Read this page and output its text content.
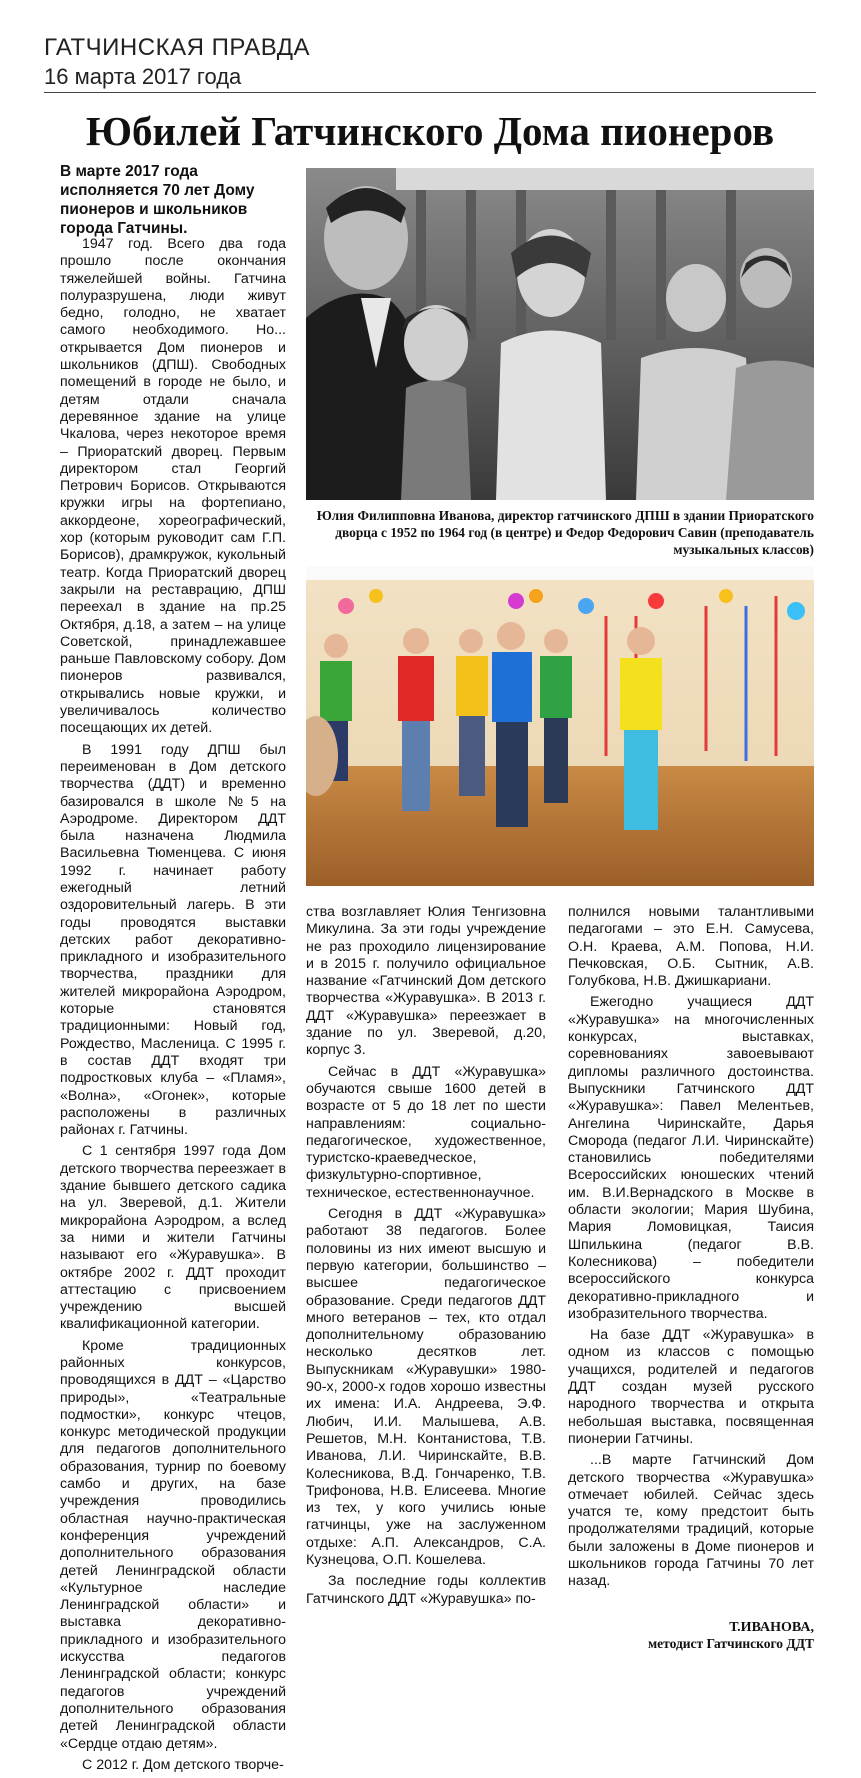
ГАТЧИНСКАЯ ПРАВДА
16 марта 2017 года
Юбилей Гатчинского Дома пионеров
В марте 2017 года исполняется 70 лет Дому пионеров и школьников города Гатчины.

1947 год. Всего два года прошло после окончания тяжелейшей войны. Гатчина полуразрушена, люди живут бедно, голодно, не хватает самого необходимого. Но... открывается Дом пионеров и школьников (ДПШ). Свободных помещений в городе не было, и детям отдали сначала деревянное здание на улице Чкалова, через некоторое время – Приоратский дворец. Первым директором стал Георгий Петрович Борисов. Открываются кружки игры на фортепиано, аккордеоне, хореографический, хор (которым руководит сам Г.П. Борисов), драмкружок, кукольный театр. Когда Приоратский дворец закрыли на реставрацию, ДПШ переехал в здание на пр.25 Октября, д.18, а затем – на улице Советской, принадлежавшее раньше Павловскому собору. Дом пионеров развивался, открывались новые кружки, и увеличивалось количество посещающих их детей.

В 1991 году ДПШ был переименован в Дом детского творчества (ДДТ) и временно базировался в школе №5 на Аэродроме. Директором ДДТ была назначена Людмила Васильевна Тюменцева. С июня 1992 г. начинает работу ежегодный летний оздоровительный лагерь. В эти годы проводятся выставки детских работ декоративно-прикладного и изобразительного творчества, праздники для жителей микрорайона Аэродром, которые становятся традиционными: Новый год, Рождество, Масленица. С 1995 г. в состав ДДТ входят три подростковых клуба – «Пламя», «Волна», «Огонек», которые расположены в различных районах г. Гатчины.

С 1 сентября 1997 года Дом детского творчества переезжает в здание бывшего детского садика на ул. Зверевой, д.1. Жители микрорайона Аэродром, а вслед за ними и жители Гатчины называют его «Журавушка». В октябре 2002 г. ДДТ проходит аттестацию с присвоением учреждению высшей квалификационной категории.

Кроме традиционных районных конкурсов, проводящихся в ДДТ – «Царство природы», «Театральные подмостки», конкурс чтецов, конкурс методической продукции для педагогов дополнительного образования, турнир по боевому самбо и других, на базе учреждения проводились областная научно-практическая конференция учреждений дополнительного образования детей Ленинградской области «Культурное наследие Ленинградской области» и выставка декоративно-прикладного и изобразительного искусства педагогов Ленинградской области; конкурс педагогов учреждений дополнительного образования детей Ленинградской области «Сердце отдаю детям».

С 2012 г. Дом детского творче-

Юлия Филипповна Иванова, директор гатчинского ДПШ в здании Приоратского дворца с 1952 по 1964 год (в центре) и Федор Федорович Савин (преподаватель музыкальных классов)

ства возглавляет Юлия Тенгизовна Микулина. За эти годы учреждение не раз проходило лицензирование и в 2015 г. получило официальное название «Гатчинский Дом детского творчества «Журавушка». В 2013 г. ДДТ «Журавушка» переезжает в здание по ул. Зверевой, д.20, корпус 3.

Сейчас в ДДТ «Журавушка» обучаются свыше 1600 детей в возрасте от 5 до 18 лет по шести направлениям: социально-педагогическое, художественное, туристско-краеведческое, физкультурно-спортивное, техническое, естественнонаучное.

Сегодня в ДДТ «Журавушка» работают 38 педагогов. Более половины из них имеют высшую и первую категории, большинство – высшее педагогическое образование. Среди педагогов ДДТ много ветеранов – тех, кто отдал дополнительному образованию несколько десятков лет. Выпускникам «Журавушки» 1980-90-х, 2000-х годов хорошо известны их имена: И.А. Андреева, Э.Ф. Любич, И.И. Малышева, А.В. Решетов, М.Н. Контанистова, Т.В. Иванова, Л.И. Чиринскайте, В.В. Колесникова, В.Д. Гончаренко, Т.В. Трифонова, Н.В. Елисеева. Многие из тех, у кого учились юные гатчинцы, уже на заслуженном отдыхе: А.П. Александров, С.А. Кузнецова, О.П. Кошелева.

За последние годы коллектив Гатчинского ДДТ «Журавушка» по-

полнился новыми талантливыми педагогами – это Е.Н. Самусева, О.Н. Краева, А.М. Попова, Н.И. Печковская, О.Б. Сытник, А.В. Голубкова, Н.В. Джишкариани.

Ежегодно учащиеся ДДТ «Журавушка» на многочисленных конкурсах, выставках, соревнованиях завоевывают дипломы различного достоинства. Выпускники Гатчинского ДДТ «Журавушка»: Павел Мелентьев, Ангелина Чиринскайте, Дарья Сморода (педагог Л.И. Чиринскайте) становились победителями Всероссийских юношеских чтений им. В.И.Вернадского в Москве в области экологии; Мария Шубина, Мария Ломовицкая, Таисия Шпилькина (педагог В.В. Колесникова) – победители всероссийского конкурса декоративно-прикладного и изобразительного творчества.

На базе ДДТ «Журавушка» в одном из классов с помощью учащихся, родителей и педагогов ДДТ создан музей русского народного творчества и открыта небольшая выставка, посвященная пионерии Гатчины.

...В марте Гатчинский Дом детского творчества «Журавушка» отмечает юбилей. Сейчас здесь учатся те, кому предстоит быть продолжателями традиций, которые были заложены в Доме пионеров и школьников города Гатчины 70 лет назад.

Т.ИВАНОВА,
методист Гатчинского ДДТ
